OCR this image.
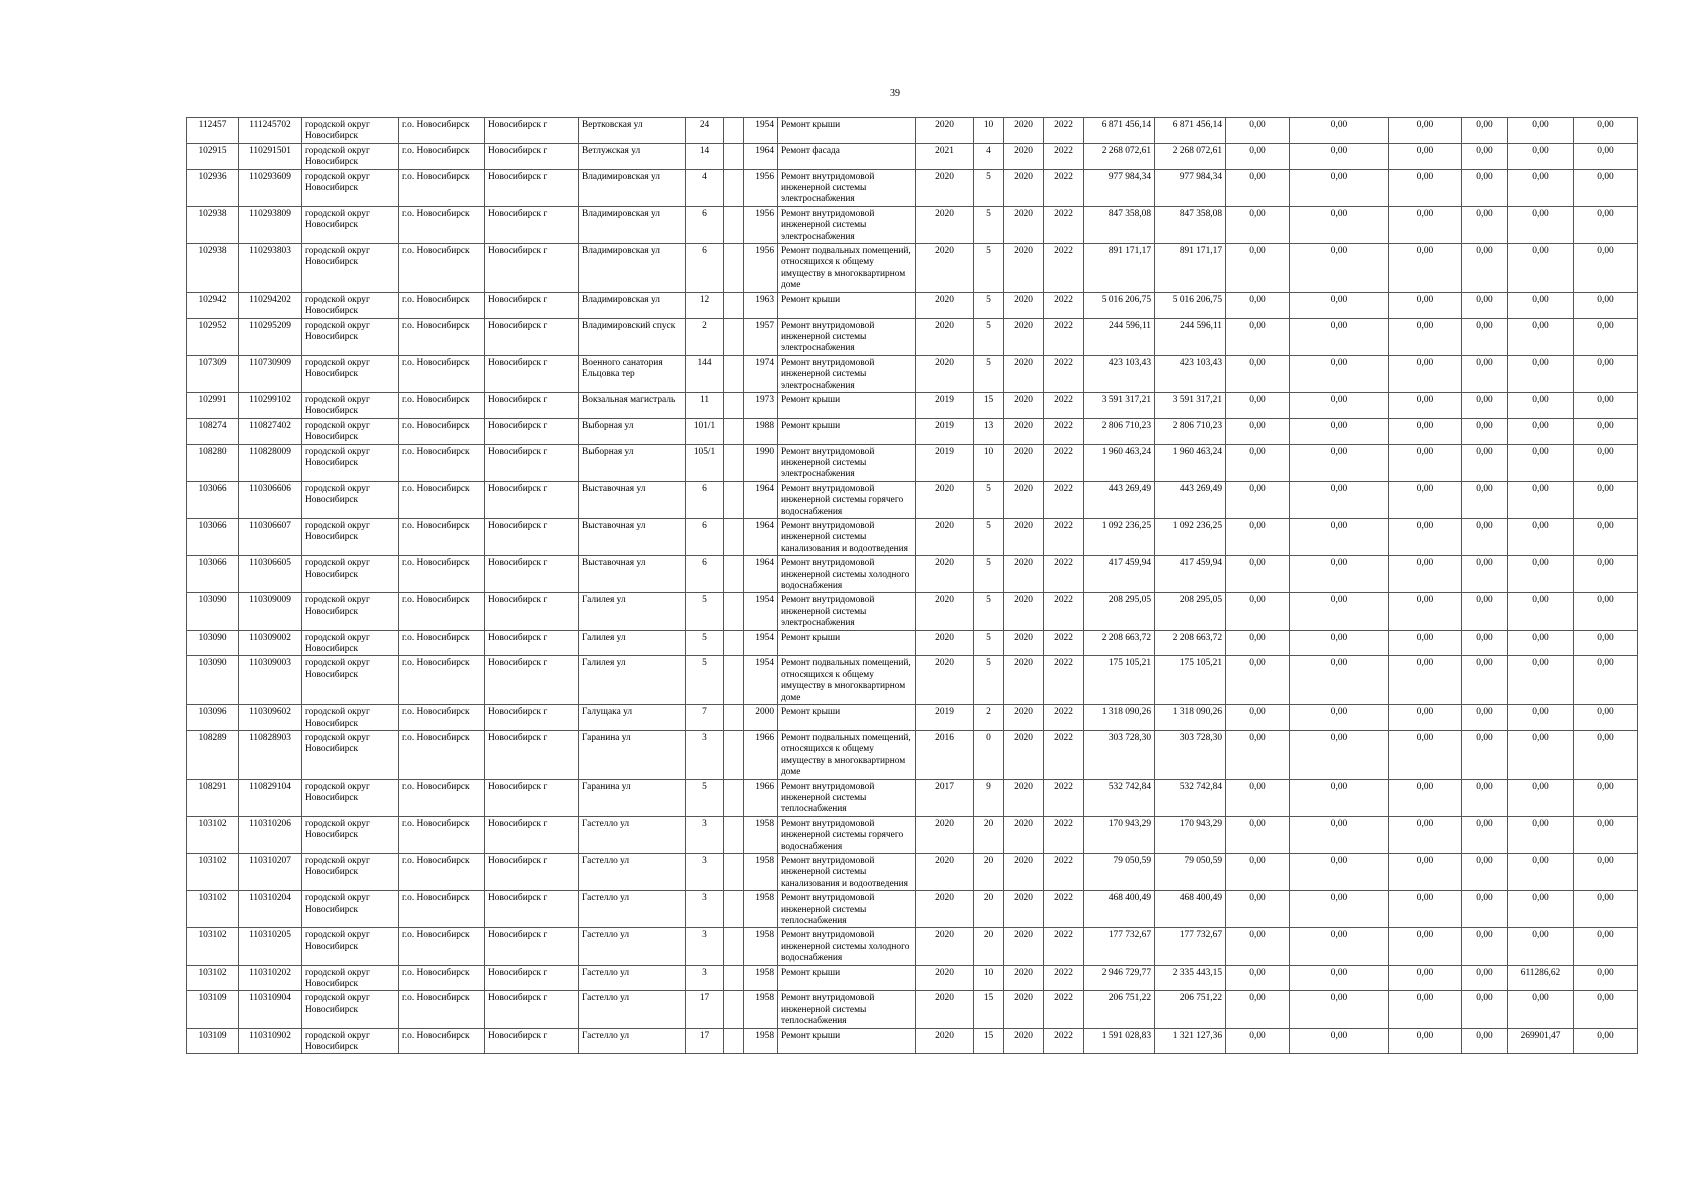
39
112457	111245702	городской округ Новосибирск	г.о. Новосибирск	Новосибирск г	Вертковская ул	24		1954	Ремонт крыши	2020	10	2020	2022	6 871 456,14	6 871 456,14	0,00	0,00	0,00	0,00	0,00	0,00
102915	110291501	городской округ Новосибирск	г.о. Новосибирск	Новосибирск г	Ветлужская ул	14		1964	Ремонт фасада	2021	4	2020	2022	2 268 072,61	2 268 072,61	0,00	0,00	0,00	0,00	0,00	0,00
102936	110293609	городской округ Новосибирск	г.о. Новосибирск	Новосибирск г	Владимировская ул	4		1956	Ремонт внутридомовой инженерной системы электроснабжения	2020	5	2020	2022	977 984,34	977 984,34	0,00	0,00	0,00	0,00	0,00	0,00
102938	110293809	городской округ Новосибирск	г.о. Новосибирск	Новосибирск г	Владимировская ул	6		1956	Ремонт внутридомовой инженерной системы электроснабжения	2020	5	2020	2022	847 358,08	847 358,08	0,00	0,00	0,00	0,00	0,00	0,00
102938	110293803	городской округ Новосибирск	г.о. Новосибирск	Новосибирск г	Владимировская ул	6		1956	Ремонт подвальных помещений, относящихся к общему имуществу в многоквартирном доме	2020	5	2020	2022	891 171,17	891 171,17	0,00	0,00	0,00	0,00	0,00	0,00
102942	110294202	городской округ Новосибирск	г.о. Новосибирск	Новосибирск г	Владимировская ул	12		1963	Ремонт крыши	2020	5	2020	2022	5 016 206,75	5 016 206,75	0,00	0,00	0,00	0,00	0,00	0,00
102952	110295209	городской округ Новосибирск	г.о. Новосибирск	Новосибирск г	Владимировский спуск	2		1957	Ремонт внутридомовой инженерной системы электроснабжения	2020	5	2020	2022	244 596,11	244 596,11	0,00	0,00	0,00	0,00	0,00	0,00
107309	110730909	городской округ Новосибирск	г.о. Новосибирск	Новосибирск г	Военного санатория Ельцовка тер	144		1974	Ремонт внутридомовой инженерной системы электроснабжения	2020	5	2020	2022	423 103,43	423 103,43	0,00	0,00	0,00	0,00	0,00	0,00
102991	110299102	городской округ Новосибирск	г.о. Новосибирск	Новосибирск г	Вокзальная магистраль	11		1973	Ремонт крыши	2019	15	2020	2022	3 591 317,21	3 591 317,21	0,00	0,00	0,00	0,00	0,00	0,00
108274	110827402	городской округ Новосибирск	г.о. Новосибирск	Новосибирск г	Выборная ул	101/1		1988	Ремонт крыши	2019	13	2020	2022	2 806 710,23	2 806 710,23	0,00	0,00	0,00	0,00	0,00	0,00
108280	110828009	городской округ Новосибирск	г.о. Новосибирск	Новосибирск г	Выборная ул	105/1		1990	Ремонт внутридомовой инженерной системы электроснабжения	2019	10	2020	2022	1 960 463,24	1 960 463,24	0,00	0,00	0,00	0,00	0,00	0,00
103066	110306606	городской округ Новосибирск	г.о. Новосибирск	Новосибирск г	Выставочная ул	6		1964	Ремонт внутридомовой инженерной системы горячего водоснабжения	2020	5	2020	2022	443 269,49	443 269,49	0,00	0,00	0,00	0,00	0,00	0,00
103066	110306607	городской округ Новосибирск	г.о. Новосибирск	Новосибирск г	Выставочная ул	6		1964	Ремонт внутридомовой инженерной системы канализования и водоотведения	2020	5	2020	2022	1 092 236,25	1 092 236,25	0,00	0,00	0,00	0,00	0,00	0,00
103066	110306605	городской округ Новосибирск	г.о. Новосибирск	Новосибирск г	Выставочная ул	6		1964	Ремонт внутридомовой инженерной системы холодного водоснабжения	2020	5	2020	2022	417 459,94	417 459,94	0,00	0,00	0,00	0,00	0,00	0,00
103090	110309009	городской округ Новосибирск	г.о. Новосибирск	Новосибирск г	Галилея ул	5		1954	Ремонт внутридомовой инженерной системы электроснабжения	2020	5	2020	2022	208 295,05	208 295,05	0,00	0,00	0,00	0,00	0,00	0,00
103090	110309002	городской округ Новосибирск	г.о. Новосибирск	Новосибирск г	Галилея ул	5		1954	Ремонт крыши	2020	5	2020	2022	2 208 663,72	2 208 663,72	0,00	0,00	0,00	0,00	0,00	0,00
103090	110309003	городской округ Новосибирск	г.о. Новосибирск	Новосибирск г	Галилея ул	5		1954	Ремонт подвальных помещений, относящихся к общему имуществу в многоквартирном доме	2020	5	2020	2022	175 105,21	175 105,21	0,00	0,00	0,00	0,00	0,00	0,00
103096	110309602	городской округ Новосибирск	г.о. Новосибирск	Новосибирск г	Галущака ул	7		2000	Ремонт крыши	2019	2	2020	2022	1 318 090,26	1 318 090,26	0,00	0,00	0,00	0,00	0,00	0,00
108289	110828903	городской округ Новосибирск	г.о. Новосибирск	Новосибирск г	Гаранина ул	3		1966	Ремонт подвальных помещений, относящихся к общему имуществу в многоквартирном доме	2016	0	2020	2022	303 728,30	303 728,30	0,00	0,00	0,00	0,00	0,00	0,00
108291	110829104	городской округ Новосибирск	г.о. Новосибирск	Новосибирск г	Гаранина ул	5		1966	Ремонт внутридомовой инженерной системы теплоснабжения	2017	9	2020	2022	532 742,84	532 742,84	0,00	0,00	0,00	0,00	0,00	0,00
103102	110310206	городской округ Новосибирск	г.о. Новосибирск	Новосибирск г	Гастелло ул	3		1958	Ремонт внутридомовой инженерной системы горячего водоснабжения	2020	20	2020	2022	170 943,29	170 943,29	0,00	0,00	0,00	0,00	0,00	0,00
103102	110310207	городской округ Новосибирск	г.о. Новосибирск	Новосибирск г	Гастелло ул	3		1958	Ремонт внутридомовой инженерной системы канализования и водоотведения	2020	20	2020	2022	79 050,59	79 050,59	0,00	0,00	0,00	0,00	0,00	0,00
103102	110310204	городской округ Новосибирск	г.о. Новосибирск	Новосибирск г	Гастелло ул	3		1958	Ремонт внутридомовой инженерной системы теплоснабжения	2020	20	2020	2022	468 400,49	468 400,49	0,00	0,00	0,00	0,00	0,00	0,00
103102	110310205	городской округ Новосибирск	г.о. Новосибирск	Новосибирск г	Гастелло ул	3		1958	Ремонт внутридомовой инженерной системы холодного водоснабжения	2020	20	2020	2022	177 732,67	177 732,67	0,00	0,00	0,00	0,00	0,00	0,00
103102	110310202	городской округ Новосибирск	г.о. Новосибирск	Новосибирск г	Гастелло ул	3		1958	Ремонт крыши	2020	10	2020	2022	2 946 729,77	2 335 443,15	0,00	0,00	0,00	0,00	611286,62	0,00
103109	110310904	городской округ Новосибирск	г.о. Новосибирск	Новосибирск г	Гастелло ул	17		1958	Ремонт внутридомовой инженерной системы теплоснабжения	2020	15	2020	2022	206 751,22	206 751,22	0,00	0,00	0,00	0,00	0,00	0,00
103109	110310902	городской округ Новосибирск	г.о. Новосибирск	Новосибирск г	Гастелло ул	17		1958	Ремонт крыши	2020	15	2020	2022	1 591 028,83	1 321 127,36	0,00	0,00	0,00	0,00	269901,47	0,00
